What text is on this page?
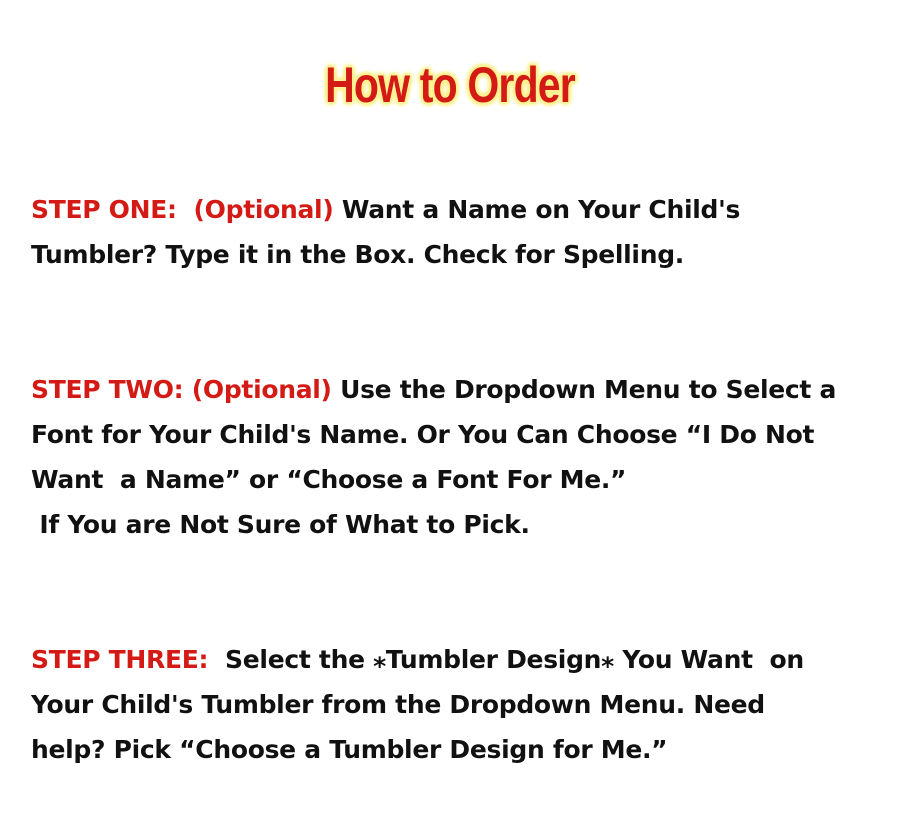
How to Order
STEP ONE:  (Optional) Want a Name on Your Child's
Tumbler? Type it in the Box. Check for Spelling.
STEP TWO: (Optional) Use the Dropdown Menu to Select a
Font for Your Child's Name. Or You Can Choose “I Do Not
Want  a Name” or “Choose a Font For Me.”
If You are Not Sure of What to Pick.
STEP THREE:  Select the ⁎Tumbler Design⁎ You Want  on
Your Child's Tumbler from the Dropdown Menu. Need
help? Pick “Choose a Tumbler Design for Me.”
